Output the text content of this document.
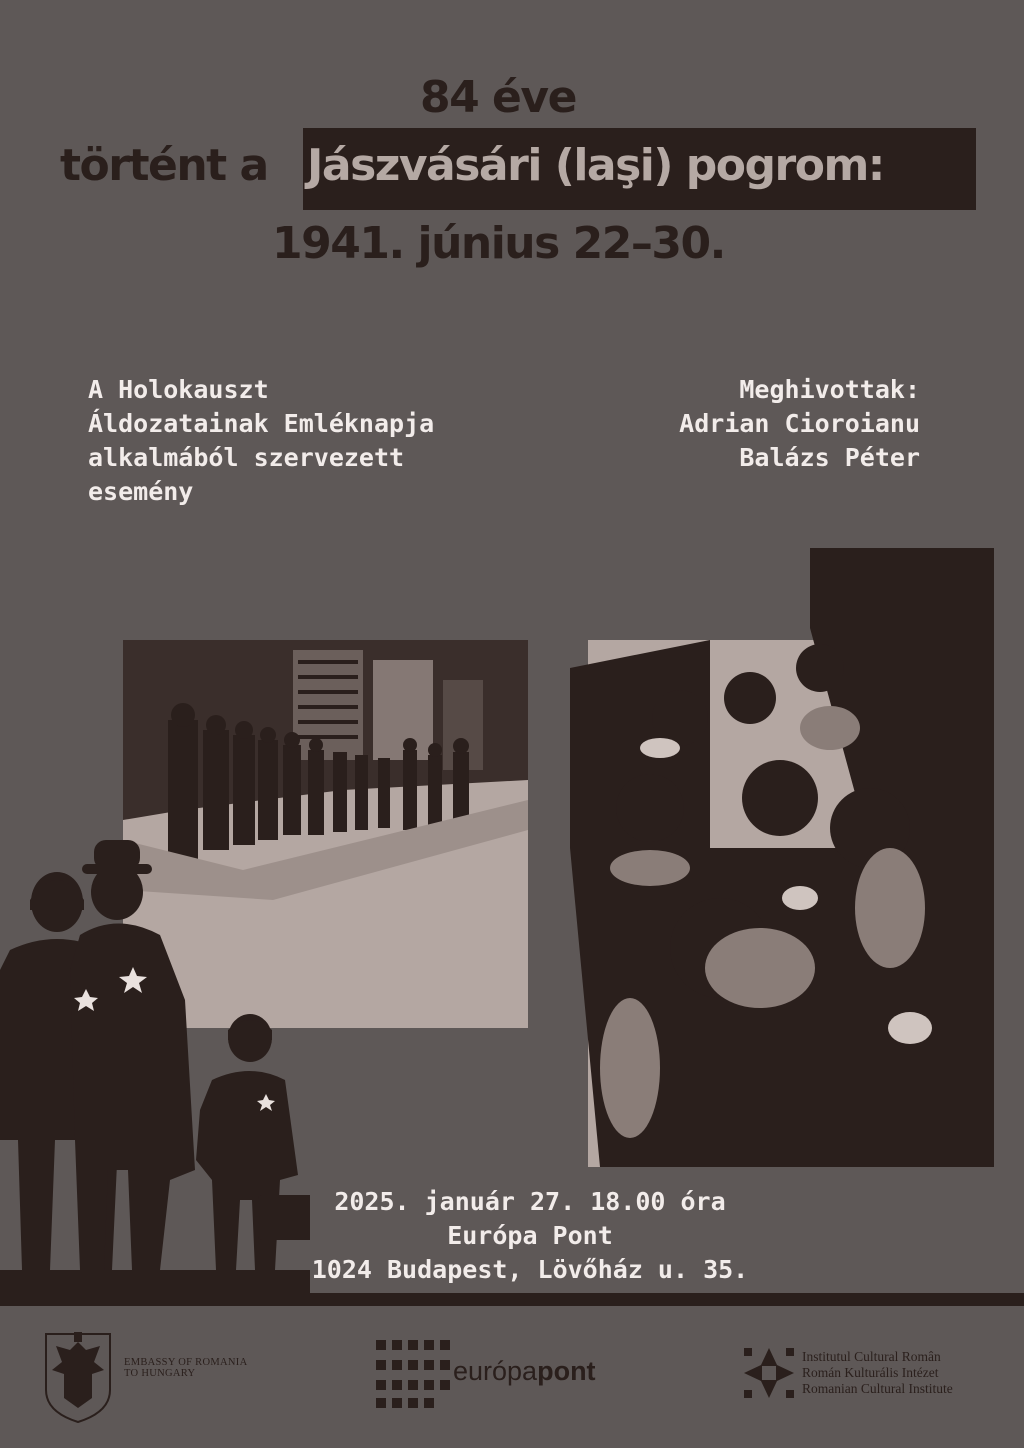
84 éve
történt a Jászvásári (laşi) pogrom:
1941. június 22–30.
A Holokauszt
Áldozatainak Emléknapja
alkalmából szervezett
esemény
Meghivottak:
Adrian Cioroianu
Balázs Péter
2025. január 27. 18.00 óra
Európa Pont
1024 Budapest, Lövőház u. 35.
EMBASSY OF ROMANIA
TO HUNGARY	európapont	Institutul Cultural Român
Román Kulturális Intézet
Romanian Cultural Institute
